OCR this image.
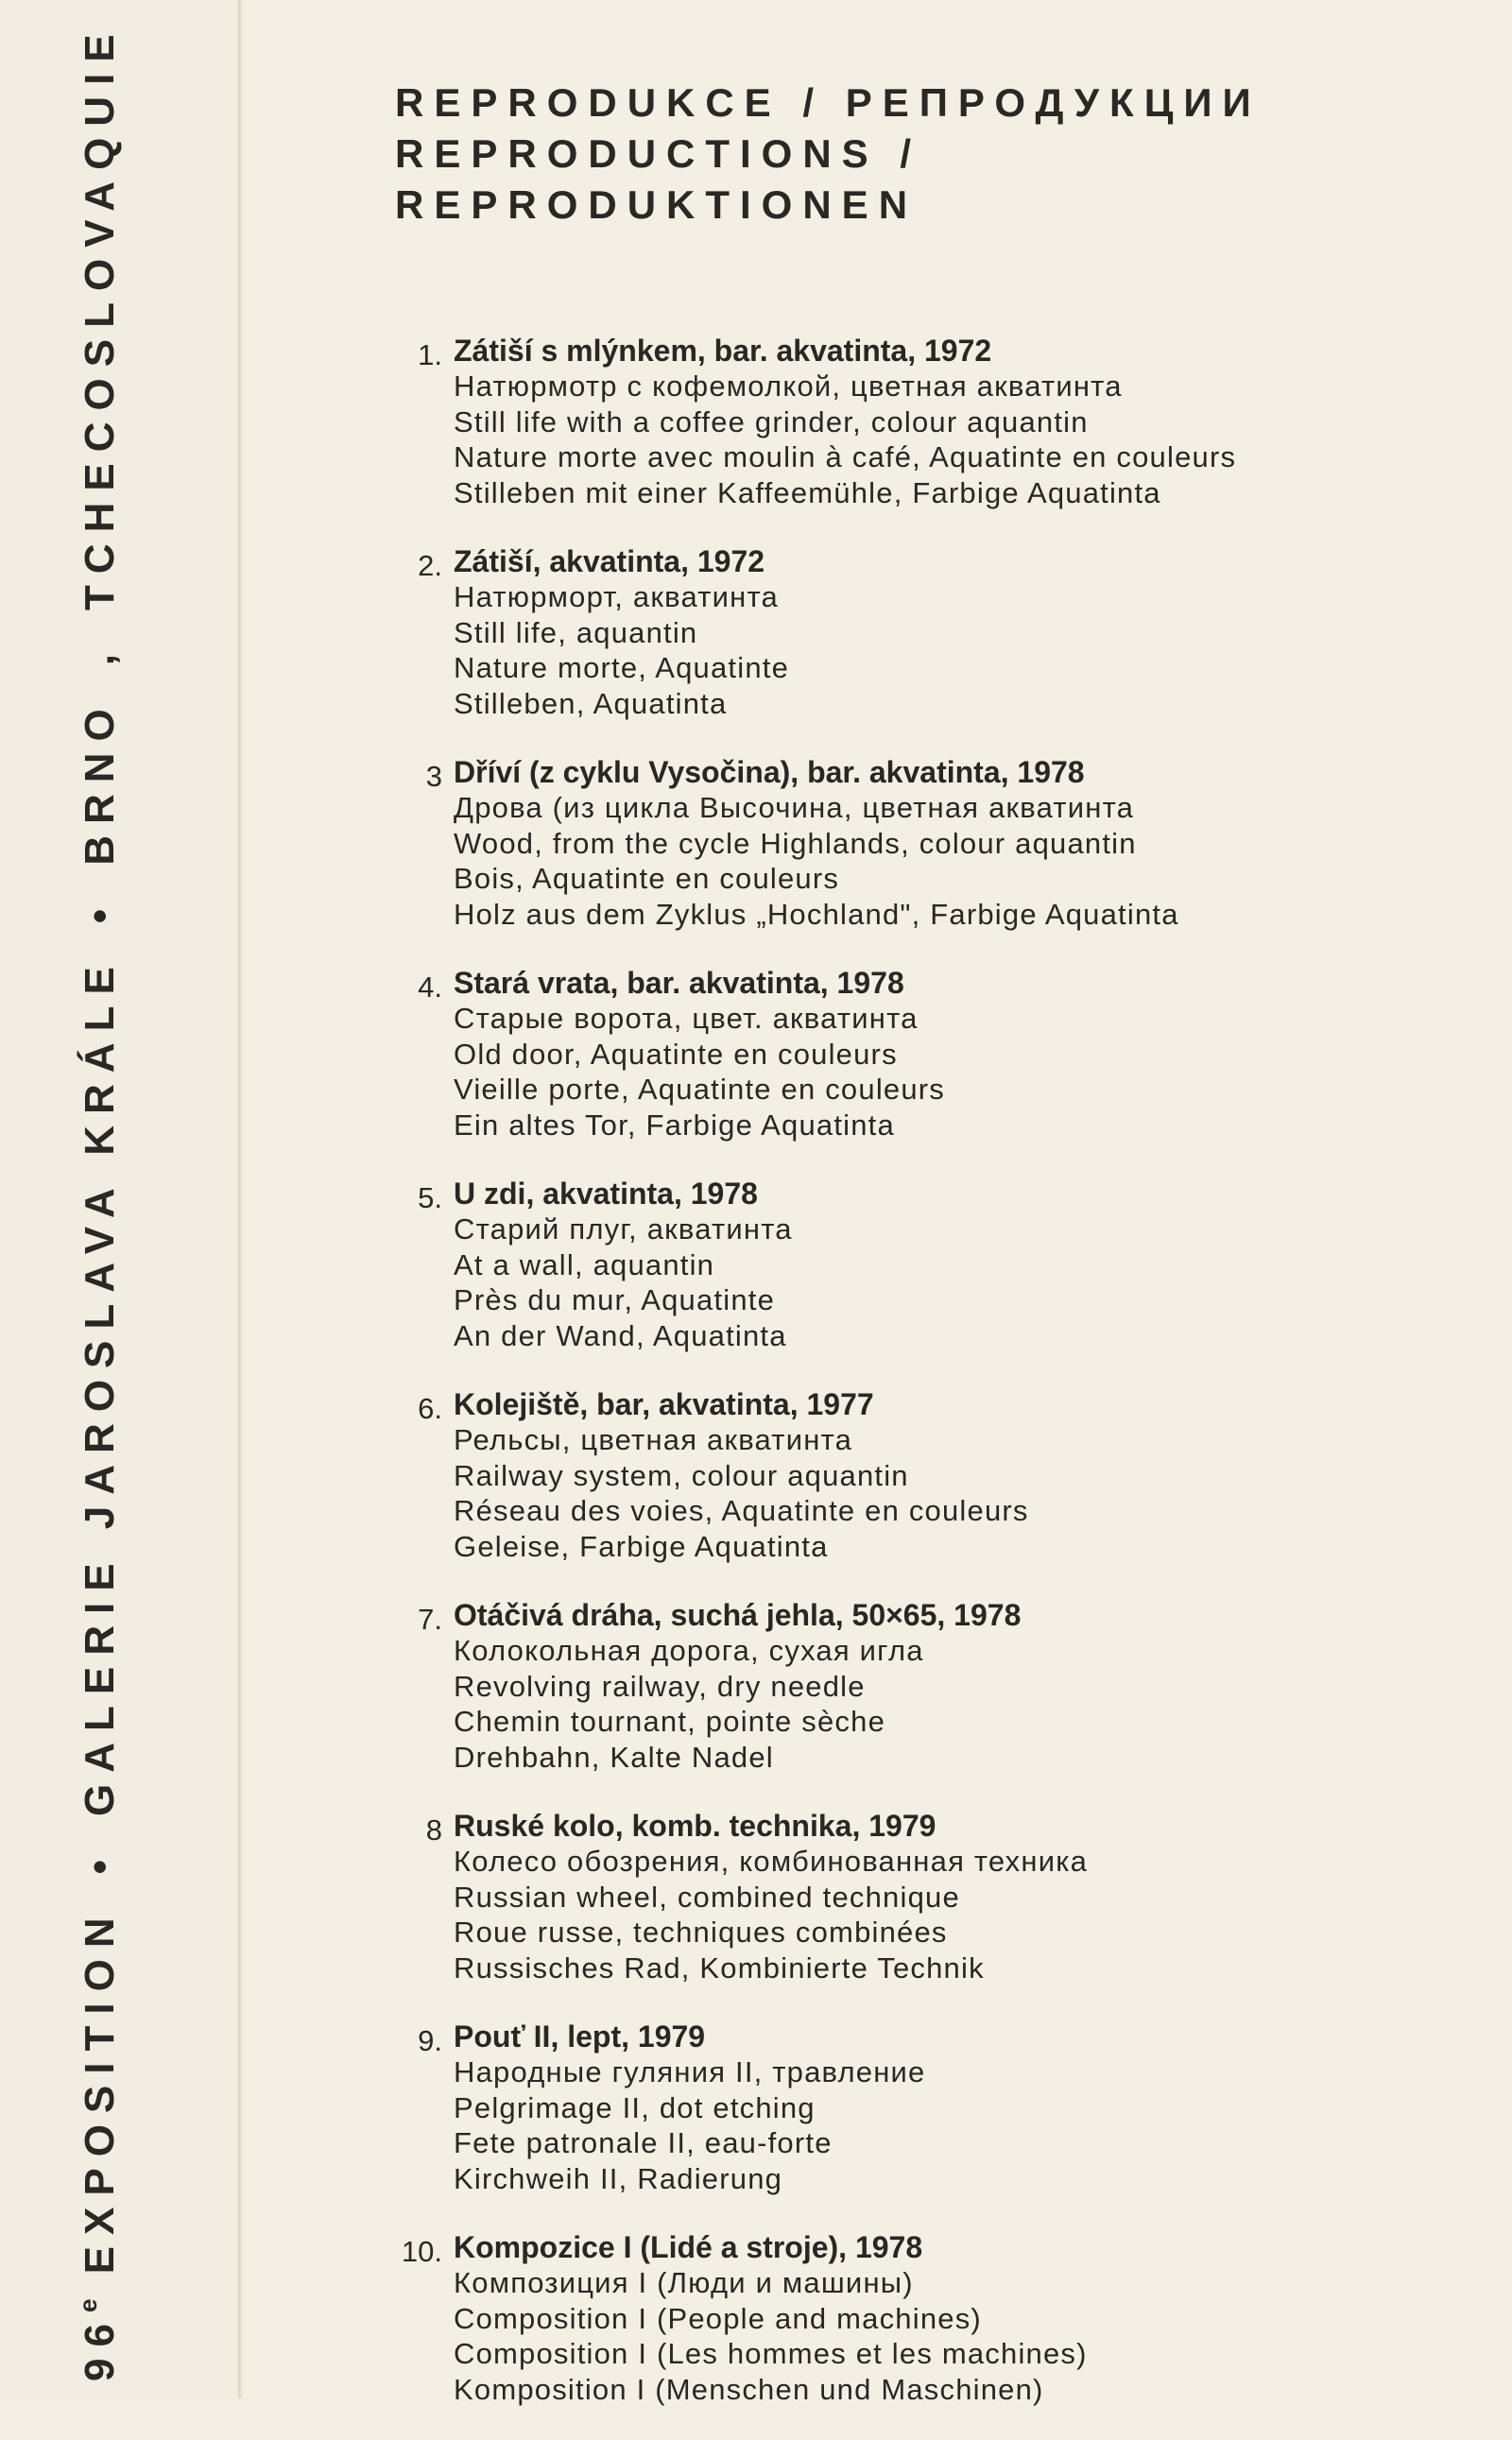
96e EXPOSITION•GALERIE JAROSLAVA KRÁLE•BRNO,TCHECOSLOVAQUIE	REPRODUKCE / РЕПРОДУКЦИИ
REPRODUCTIONS /
REPRODUKTIONEN
1. Zátiší s mlýnkem, bar. akvatinta, 1972
Натюрмотр с кофемолкой, цветная акватинта
Still life with a coffee grinder, colour aquantin
Nature morte avec moulin à café, Aquatinte en couleurs
Stilleben mit einer Kaffeemühle, Farbige Aquatinta
2. Zátiší, akvatinta, 1972
Натюрморт, акватинта
Still life, aquantin
Nature morte, Aquatinte
Stilleben, Aquatinta
3 Dříví (z cyklu Vysočina), bar. akvatinta, 1978
Дрова (из цикла Высочина, цветная акватинта
Wood, from the cycle Highlands, colour aquantin
Bois, Aquatinte en couleurs
Holz aus dem Zyklus „Hochland", Farbige Aquatinta
4. Stará vrata, bar. akvatinta, 1978
Старые ворота, цвет. акватинта
Old door, Aquatinte en couleurs
Vieille porte, Aquatinte en couleurs
Ein altes Tor, Farbige Aquatinta
5. U zdi, akvatinta, 1978
Старий плуг, акватинта
At a wall, aquantin
Près du mur, Aquatinte
An der Wand, Aquatinta
6. Kolejiště, bar, akvatinta, 1977
Рельсы, цветная акватинта
Railway system, colour aquantin
Réseau des voies, Aquatinte en couleurs
Geleise, Farbige Aquatinta
7. Otáčivá dráha, suchá jehla, 50×65, 1978
Колокольная дорога, сухая игла
Revolving railway, dry needle
Chemin tournant, pointe sèche
Drehbahn, Kalte Nadel
8 Ruské kolo, komb. technika, 1979
Колесо обозрения, комбинованная техника
Russian wheel, combined technique
Roue russe, techniques combinées
Russisches Rad, Kombinierte Technik
9. Pouť II, lept, 1979
Народные гуляния II, травление
Pelgrimage II, dot etching
Fete patronale II, eau-forte
Kirchweih II, Radierung
10. Kompozice I (Lidé a stroje), 1978
Композиция I (Люди и машины)
Composition I (People and machines)
Composition I (Les hommes et les machines)
Komposition I (Menschen und Maschinen)
